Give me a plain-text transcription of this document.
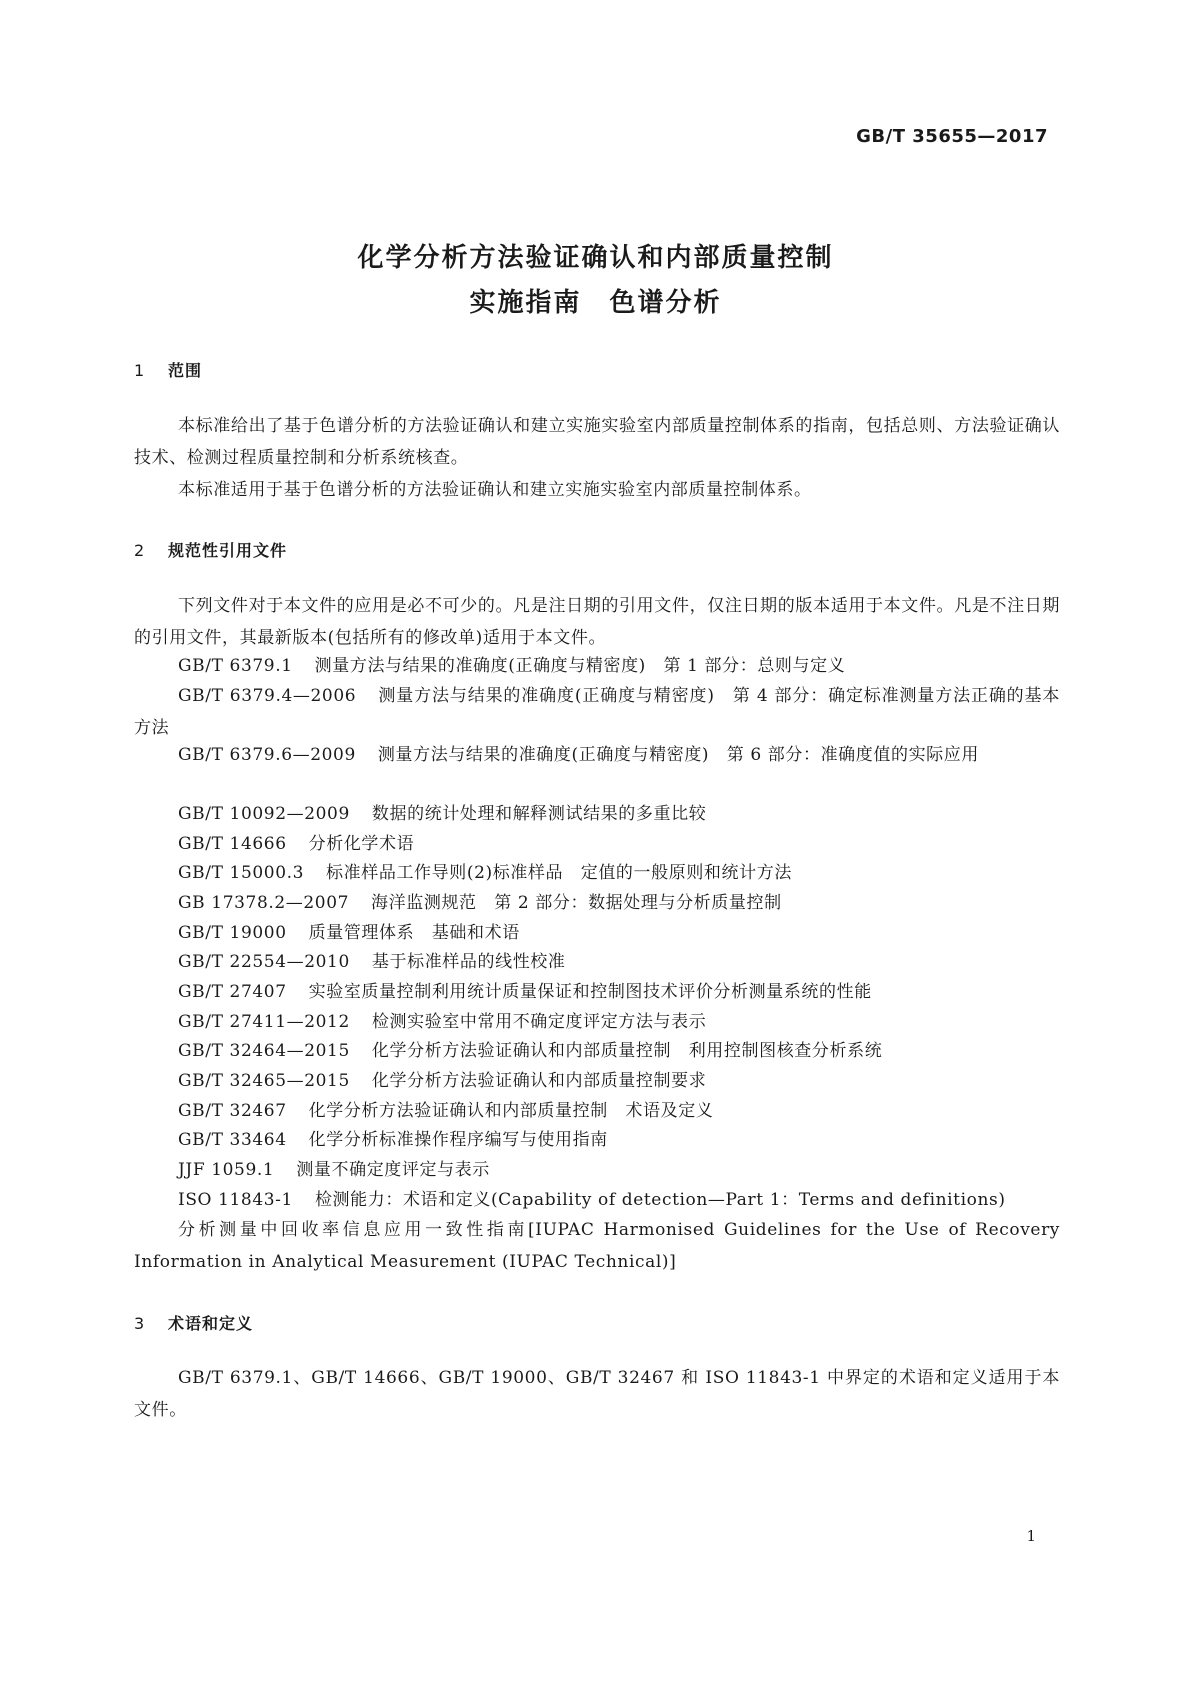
GB/T 35655—2017
化学分析方法验证确认和内部质量控制
实施指南　色谱分析
1 范围
本标准给出了基于色谱分析的方法验证确认和建立实施实验室内部质量控制体系的指南，包括总则、方法验证确认技术、检测过程质量控制和分析系统核查。
本标准适用于基于色谱分析的方法验证确认和建立实施实验室内部质量控制体系。
2 规范性引用文件
下列文件对于本文件的应用是必不可少的。凡是注日期的引用文件，仅注日期的版本适用于本文件。凡是不注日期的引用文件，其最新版本(包括所有的修改单)适用于本文件。
GB/T 6379.1 测量方法与结果的准确度(正确度与精密度)　第 1 部分：总则与定义
GB/T 6379.4—2006 测量方法与结果的准确度(正确度与精密度)　第 4 部分：确定标准测量方法正确的基本方法
GB/T 6379.6—2009 测量方法与结果的准确度(正确度与精密度)　第 6 部分：准确度值的实际应用
GB/T 10092—2009 数据的统计处理和解释测试结果的多重比较
GB/T 14666 分析化学术语
GB/T 15000.3 标准样品工作导则(2)标准样品　定值的一般原则和统计方法
GB 17378.2—2007 海洋监测规范　第 2 部分：数据处理与分析质量控制
GB/T 19000 质量管理体系　基础和术语
GB/T 22554—2010 基于标准样品的线性校准
GB/T 27407 实验室质量控制利用统计质量保证和控制图技术评价分析测量系统的性能
GB/T 27411—2012 检测实验室中常用不确定度评定方法与表示
GB/T 32464—2015 化学分析方法验证确认和内部质量控制　利用控制图核查分析系统
GB/T 32465—2015 化学分析方法验证确认和内部质量控制要求
GB/T 32467 化学分析方法验证确认和内部质量控制　术语及定义
GB/T 33464 化学分析标准操作程序编写与使用指南
JJF 1059.1 测量不确定度评定与表示
ISO 11843-1 检测能力：术语和定义(Capability of detection—Part 1：Terms and definitions)
分析测量中回收率信息应用一致性指南[IUPAC Harmonised Guidelines for the Use of Recovery Information in Analytical Measurement (IUPAC Technical)]
3 术语和定义
GB/T 6379.1、GB/T 14666、GB/T 19000、GB/T 32467 和 ISO 11843-1 中界定的术语和定义适用于本文件。
1
